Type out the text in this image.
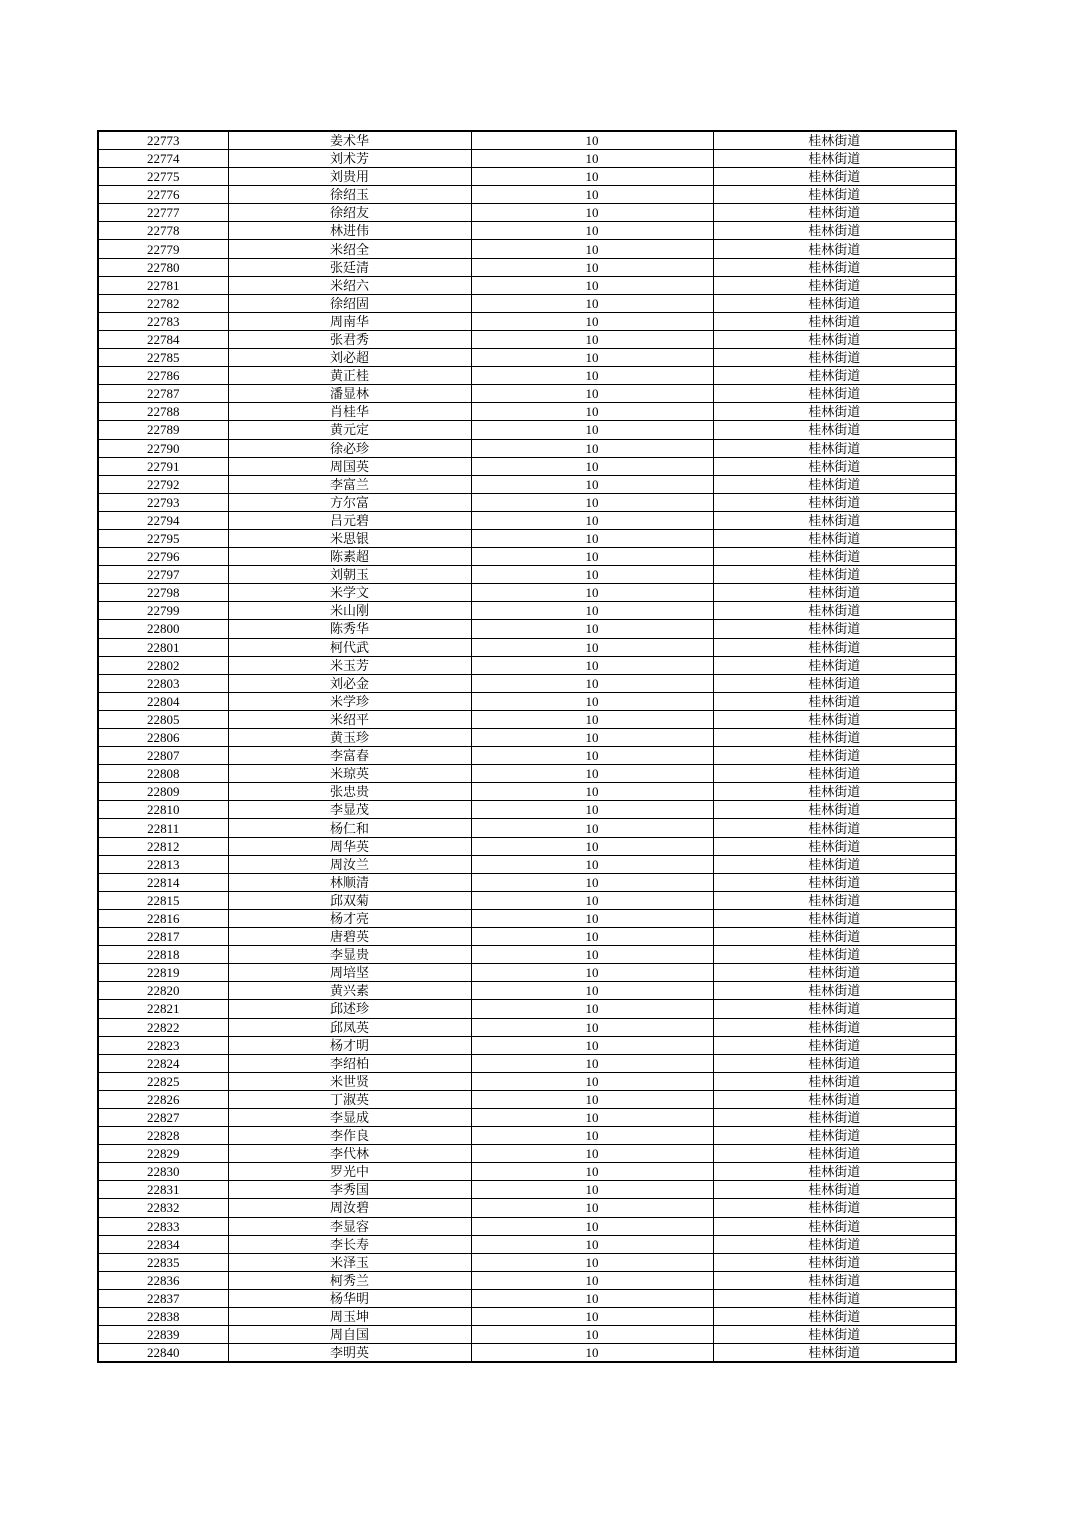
22773	姜术华	10	桂林街道
22774	刘术芳	10	桂林街道
22775	刘贵用	10	桂林街道
22776	徐绍玉	10	桂林街道
22777	徐绍友	10	桂林街道
22778	林进伟	10	桂林街道
22779	米绍全	10	桂林街道
22780	张廷清	10	桂林街道
22781	米绍六	10	桂林街道
22782	徐绍固	10	桂林街道
22783	周南华	10	桂林街道
22784	张君秀	10	桂林街道
22785	刘必超	10	桂林街道
22786	黄正桂	10	桂林街道
22787	潘显林	10	桂林街道
22788	肖桂华	10	桂林街道
22789	黄元定	10	桂林街道
22790	徐必珍	10	桂林街道
22791	周国英	10	桂林街道
22792	李富兰	10	桂林街道
22793	方尔富	10	桂林街道
22794	吕元碧	10	桂林街道
22795	米思银	10	桂林街道
22796	陈素超	10	桂林街道
22797	刘朝玉	10	桂林街道
22798	米学文	10	桂林街道
22799	米山刚	10	桂林街道
22800	陈秀华	10	桂林街道
22801	柯代武	10	桂林街道
22802	米玉芳	10	桂林街道
22803	刘必金	10	桂林街道
22804	米学珍	10	桂林街道
22805	米绍平	10	桂林街道
22806	黄玉珍	10	桂林街道
22807	李富春	10	桂林街道
22808	米琼英	10	桂林街道
22809	张忠贵	10	桂林街道
22810	李显茂	10	桂林街道
22811	杨仁和	10	桂林街道
22812	周华英	10	桂林街道
22813	周汝兰	10	桂林街道
22814	林顺清	10	桂林街道
22815	邱双菊	10	桂林街道
22816	杨才亮	10	桂林街道
22817	唐碧英	10	桂林街道
22818	李显贵	10	桂林街道
22819	周培坚	10	桂林街道
22820	黄兴素	10	桂林街道
22821	邱述珍	10	桂林街道
22822	邱凤英	10	桂林街道
22823	杨才明	10	桂林街道
22824	李绍柏	10	桂林街道
22825	米世贤	10	桂林街道
22826	丁淑英	10	桂林街道
22827	李显成	10	桂林街道
22828	李作良	10	桂林街道
22829	李代林	10	桂林街道
22830	罗光中	10	桂林街道
22831	李秀国	10	桂林街道
22832	周汝碧	10	桂林街道
22833	李显容	10	桂林街道
22834	李长寿	10	桂林街道
22835	米泽玉	10	桂林街道
22836	柯秀兰	10	桂林街道
22837	杨华明	10	桂林街道
22838	周玉坤	10	桂林街道
22839	周自国	10	桂林街道
22840	李明英	10	桂林街道
